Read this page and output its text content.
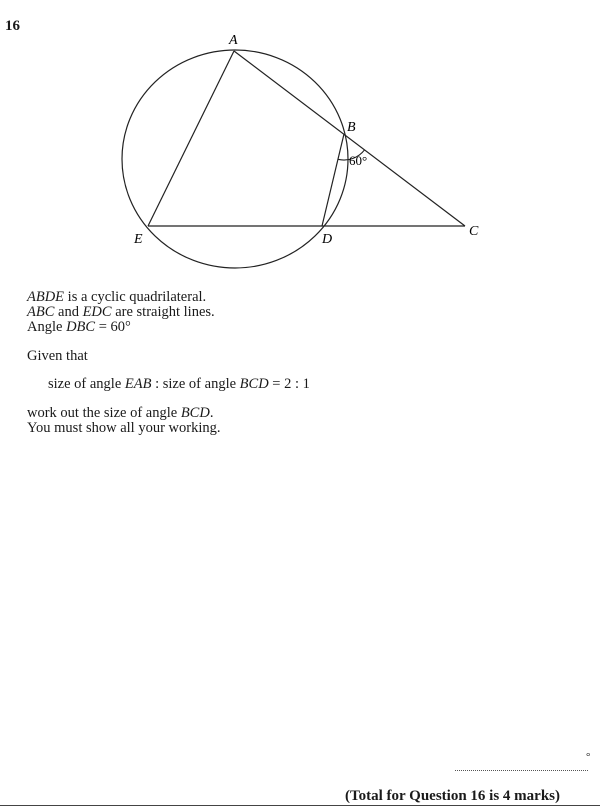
16
A
B
C
D
E
60°
ABDE is a cyclic quadrilateral.
ABC and EDC are straight lines.
Angle DBC = 60°
Given that
size of angle EAB : size of angle BCD = 2 : 1
work out the size of angle BCD.
You must show all your working.
°
(Total for Question 16 is 4 marks)
